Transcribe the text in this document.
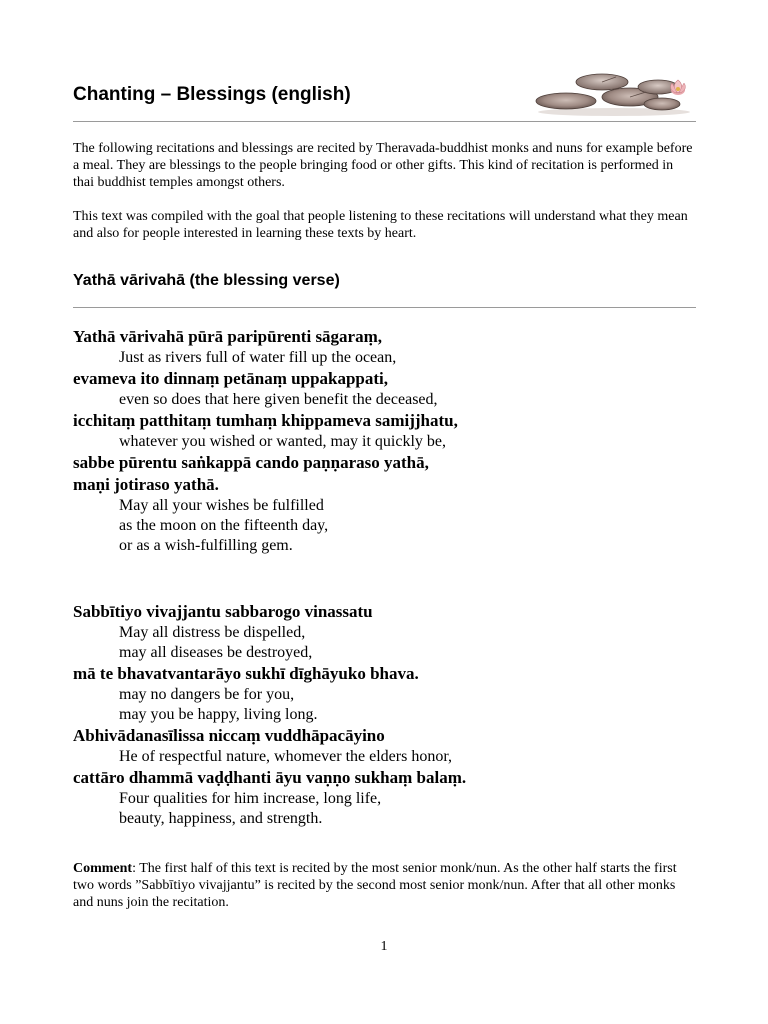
Chanting – Blessings (english)

The following recitations and blessings are recited by Theravada-buddhist monks and nuns for example before a meal. They are blessings to the people bringing food or other gifts. This kind of recitation is performed in thai buddhist temples amongst others.

This text was compiled with the goal that people listening to these recitations will understand what they mean and also for people interested in learning these texts by heart.

Yathā vārivahā (the blessing verse)

Yathā vārivahā pūrā paripūrenti sāgaraṃ,

Just as rivers full of water fill up the ocean,

evameva ito dinnaṃ petānaṃ uppakappati,

even so does that here given benefit the deceased,

icchitaṃ patthitaṃ tumhaṃ khippameva samijjhatu,

whatever you wished or wanted, may it quickly be,

sabbe pūrentu saṅkappā cando paṇṇaraso yathā,

maṇi jotiraso yathā.

May all your wishes be fulfilled

as the moon on the fifteenth day,

or as a wish-fulfilling gem.

Sabbītiyo vivajjantu sabbarogo vinassatu

May all distress be dispelled,

may all diseases be destroyed,

mā te bhavatvantarāyo sukhī dīghāyuko bhava.

may no dangers be for you,

may you be happy, living long.

Abhivādanasīlissa niccaṃ vuddhāpacāyino

He of respectful nature, whomever the elders honor,

cattāro dhammā vaḍḍhanti āyu vaṇṇo sukhaṃ balaṃ.

Four qualities for him increase, long life,

beauty, happiness, and strength.

Comment: The first half of this text is recited by the most senior monk/nun. As the other half starts the first two words ”Sabbītiyo vivajjantu” is recited by the second most senior monk/nun. After that all other monks and nuns join the recitation.

1
